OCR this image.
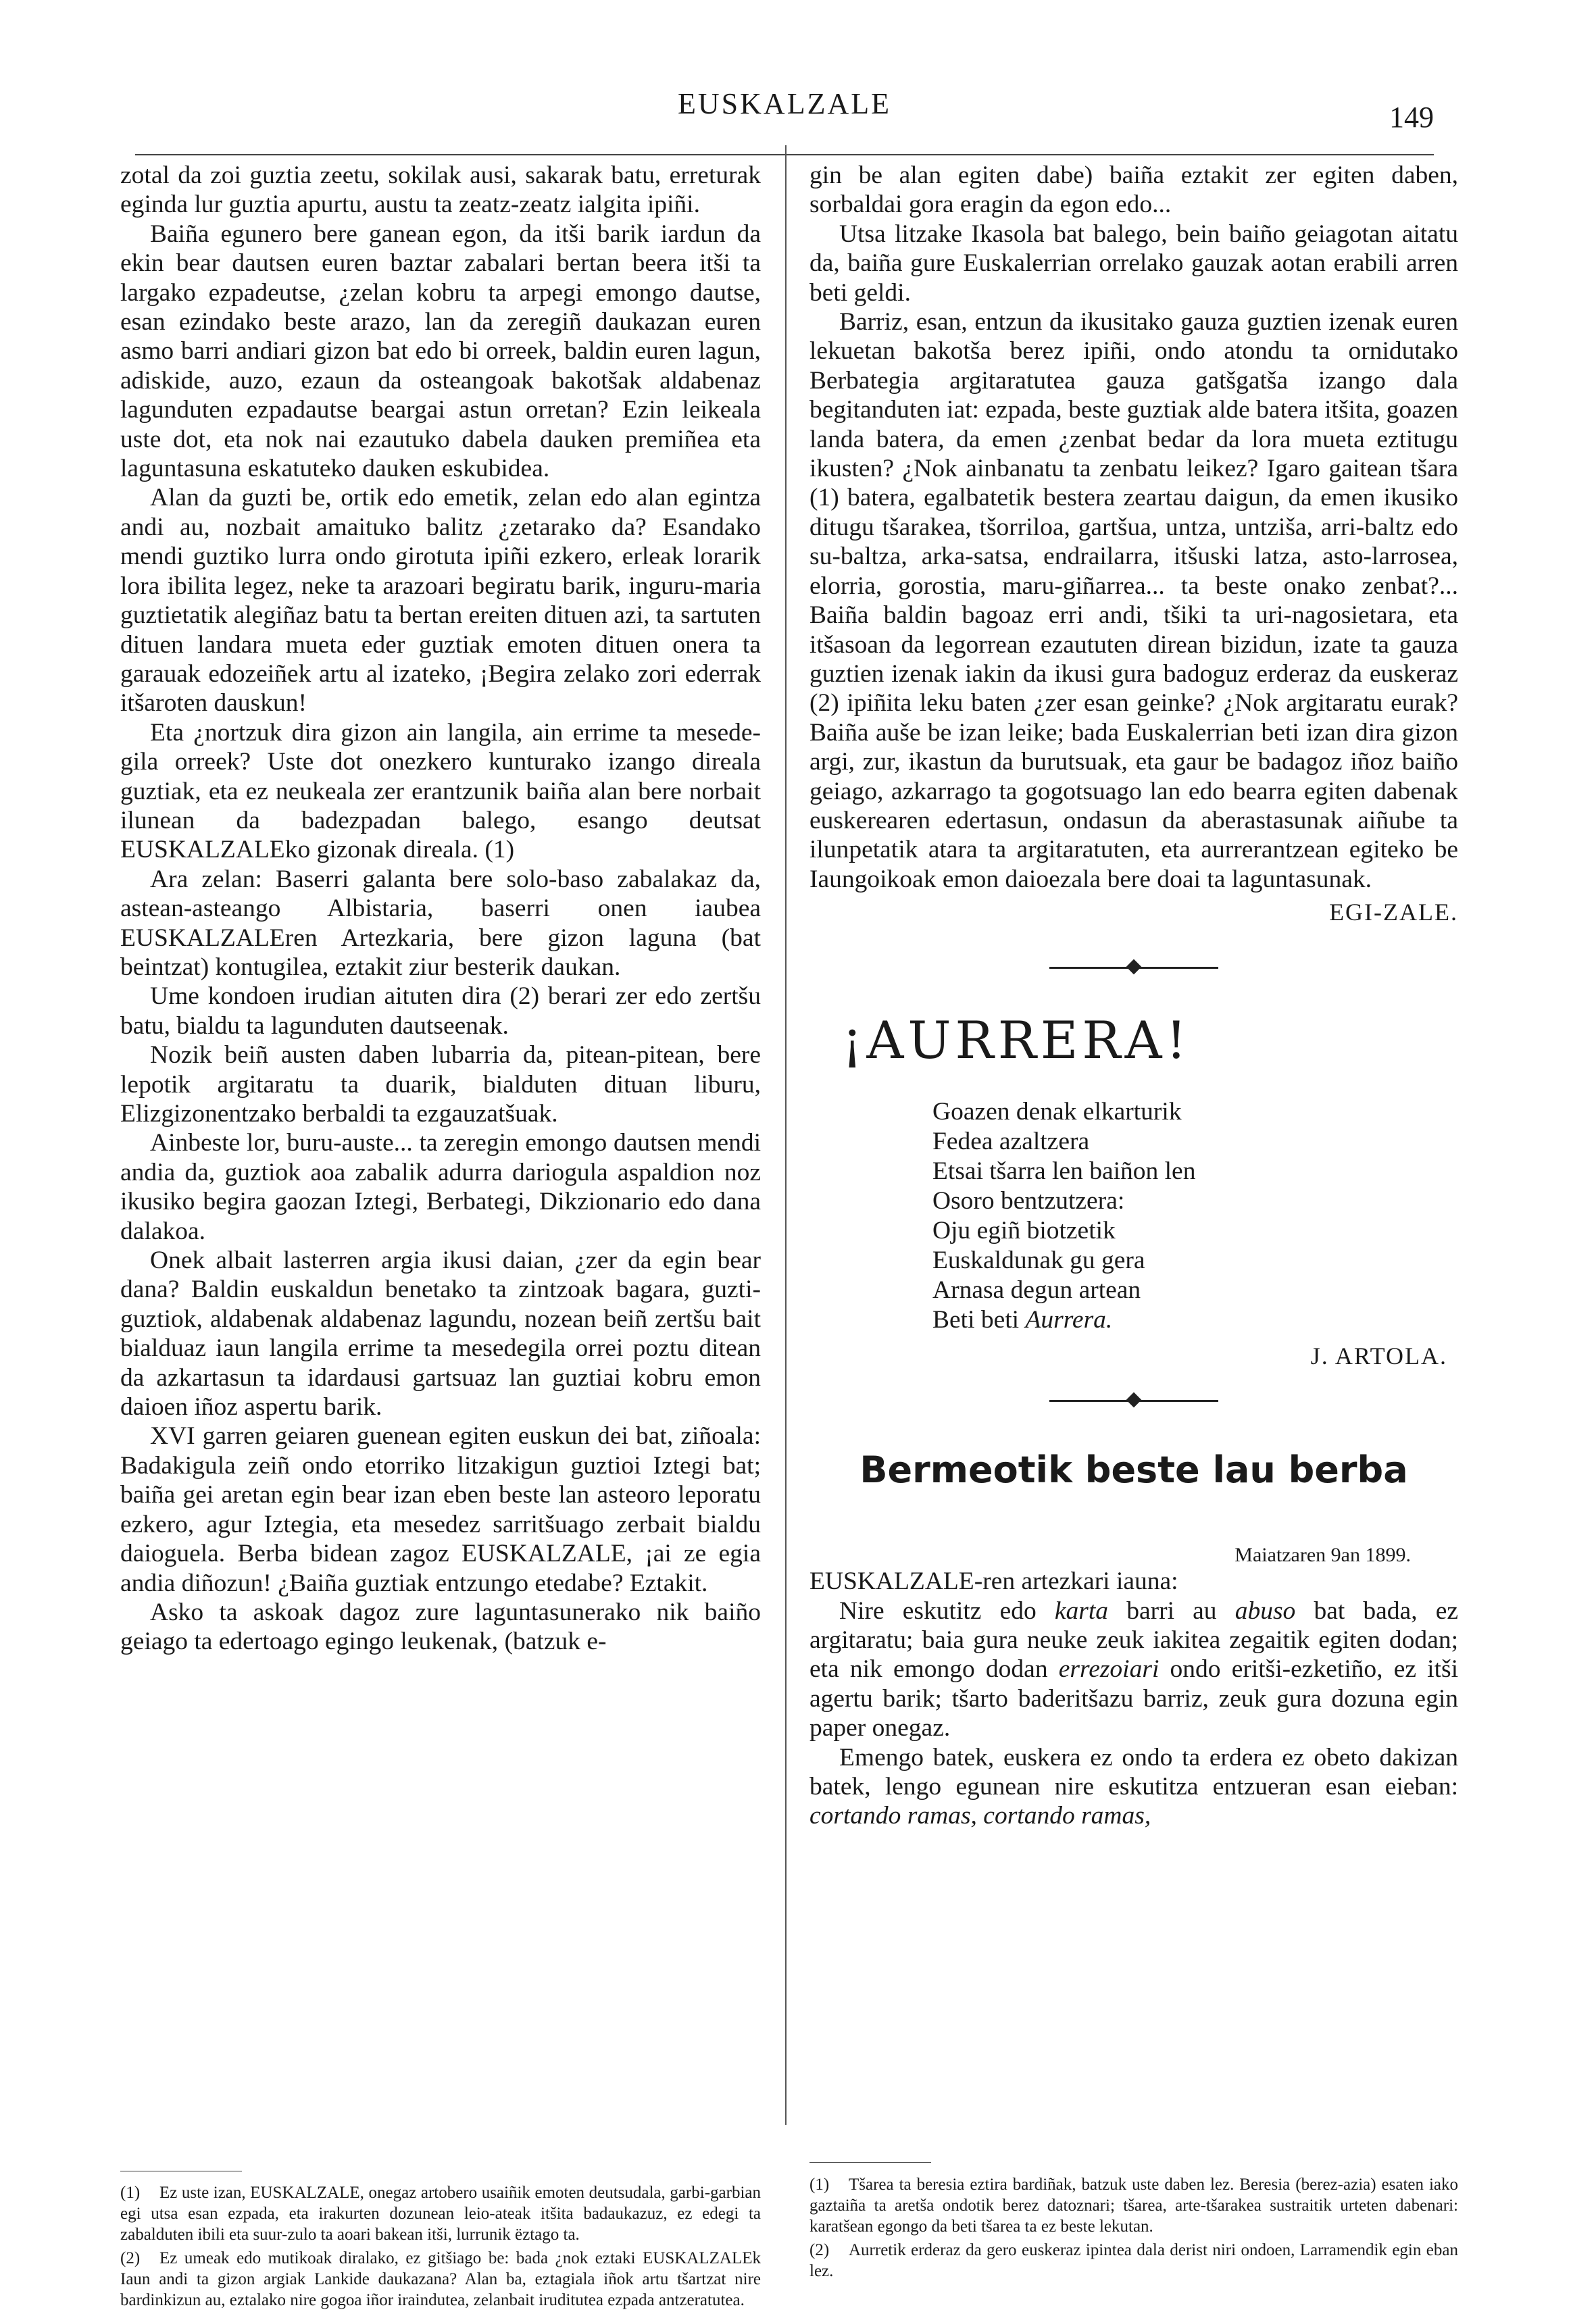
EUSKALZALE	149

zotal da zoi guztia zeetu, sokilak ausi, sakarak batu, erreturak eginda lur guztia apurtu, austu ta zeatz-zeatz ialgita ipiñi.

Baiña egunero bere ganean egon, da itši barik iardun da ekin bear dautsen euren baztar zabalari bertan beera itši ta largako ezpadeutse, ¿zelan kobru ta arpegi emongo dautse, esan ezindako beste arazo, lan da zeregiñ daukazan euren asmo barri andiari gizon bat edo bi orreek, baldin euren lagun, adiskide, auzo, ezaun da osteangoak bakotšak aldabenaz lagunduten ezpadautse beargai astun orretan? Ezin leikeala uste dot, eta nok nai ezautuko dabela dauken premiñea eta laguntasuna eskatuteko dauken eskubidea.

Alan da guzti be, ortik edo emetik, zelan edo alan egintza andi au, nozbait amaituko balitz ¿zetarako da? Esandako mendi guztiko lurra ondo girotuta ipiñi ezkero, erleak lorarik lora ibilita legez, neke ta arazoari begiratu barik, inguru-maria guztietatik alegiñaz batu ta bertan ereiten dituen azi, ta sartuten dituen landara mueta eder guztiak emoten dituen onera ta garauak edozeiñek artu al izateko, ¡Begira zelako zori ederrak itšaroten dauskun!

Eta ¿nortzuk dira gizon ain langila, ain errime ta mesede-gila orreek? Uste dot onezkero kunturako izango direala guztiak, eta ez neukeala zer erantzunik baiña alan bere norbait ilunean da badezpadan balego, esango deutsat EUSKALZALEko gizonak direala. (1)

Ara zelan: Baserri galanta bere solo-baso zabalakaz da, astean-asteango Albistaria, baserri onen iaubea EUSKALZALEren Artezkaria, bere gizon laguna (bat beintzat) kontugilea, eztakit ziur besterik daukan.

Ume kondoen irudian aituten dira (2) berari zer edo zertšu batu, bialdu ta lagunduten dautseenak.

Nozik beiñ austen daben lubarria da, pitean-pitean, bere lepotik argitaratu ta duarik, bialduten dituan liburu, Elizgizonentzako berbaldi ta ezgauzatšuak.

Ainbeste lor, buru-auste... ta zeregin emongo dautsen mendi andia da, guztiok aoa zabalik adurra dariogula aspaldion noz ikusiko begira gaozan Iztegi, Berbategi, Dikzionario edo dana dalakoa.

Onek albait lasterren argia ikusi daian, ¿zer da egin bear dana? Baldin euskaldun benetako ta zintzoak bagara, guzti-guztiok, aldabenak aldabenaz lagundu, nozean beiñ zertšu bait bialduaz iaun langila errime ta mesedegila orrei poztu ditean da azkartasun ta idardausi gartsuaz lan guztiai kobru emon daioen iñoz aspertu barik.

XVI garren geiaren guenean egiten euskun dei bat, ziñoala: Badakigula zeiñ ondo etorriko litzakigun guztioi Iztegi bat; baiña gei aretan egin bear izan eben beste lan asteoro leporatu ezkero, agur Iztegia, eta mesedez sarritšuago zerbait bialdu daioguela. Berba bidean zagoz EUSKALZALE, ¡ai ze egia andia diñozun! ¿Baiña guztiak entzungo etedabe? Eztakit.

Asko ta askoak dagoz zure laguntasunerako nik baiño geiago ta edertoago egingo leukenak, (batzuk e-

(1) Ez uste izan, EUSKALZALE, onegaz artobero usaiñik emoten deutsudala, garbi-garbian egi utsa esan ezpada, eta irakurten dozunean leio-ateak itšita badaukazuz, ez edegi ta zabalduten ibili eta suur-zulo ta aoari bakean itši, lurrunik ëztago ta.

(2) Ez umeak edo mutikoak diralako, ez gitšiago be: bada ¿nok eztaki EUSKALZALEk Iaun andi ta gizon argiak Lankide daukazana? Alan ba, eztagiala iñok artu tšartzat nire bardinkizun au, eztalako nire gogoa iñor iraindutea, zelanbait iruditutea ezpada antzeratutea.

gin be alan egiten dabe) baiña eztakit zer egiten daben, sorbaldai gora eragin da egon edo...

Utsa litzake Ikasola bat balego, bein baiño geiagotan aitatu da, baiña gure Euskalerrian orrelako gauzak aotan erabili arren beti geldi.

Barriz, esan, entzun da ikusitako gauza guztien izenak euren lekuetan bakotša berez ipiñi, ondo atondu ta ornidutako Berbategia argitaratutea gauza gatšgatša izango dala begitanduten iat: ezpada, beste guztiak alde batera itšita, goazen landa batera, da emen ¿zenbat bedar da lora mueta eztitugu ikusten? ¿Nok ainbanatu ta zenbatu leikez? Igaro gaitean tšara (1) batera, egalbatetik bestera zeartau daigun, da emen ikusiko ditugu tšarakea, tšorriloa, gartšua, untza, untziša, arri-baltz edo su-baltza, arka-satsa, endrailarra, itšuski latza, asto-larrosea, elorria, gorostia, maru-giñarrea... ta beste onako zenbat?... Baiña baldin bagoaz erri andi, tšiki ta uri-nagosietara, eta itšasoan da legorrean ezaututen direan bizidun, izate ta gauza guztien izenak iakin da ikusi gura badoguz erderaz da euskeraz (2) ipiñita leku baten ¿zer esan geinke? ¿Nok argitaratu eurak? Baiña auše be izan leike; bada Euskalerrian beti izan dira gizon argi, zur, ikastun da burutsuak, eta gaur be badagoz iñoz baiño geiago, azkarrago ta gogotsuago lan edo bearra egiten dabenak euskerearen edertasun, ondasun da aberastasunak aiñube ta ilunpetatik atara ta argitaratuten, eta aurrerantzean egiteko be Iaungoikoak emon daioezala bere doai ta laguntasunak.

EGI-ZALE.
¡AURRERA!
Goazen denak elkarturik
Fedea azaltzera
Etsai tšarra len baiñon len
Osoro bentzutzera:
Oju egiñ biotzetik
Euskaldunak gu gera
Arnasa degun artean
Beti beti Aurrera.
J. ARTOLA.
Bermeotik beste lau berba
Maiatzaren 9an 1899.

EUSKALZALE-ren artezkari iauna:

Nire eskutitz edo karta barri au abuso bat bada, ez argitaratu; baia gura neuke zeuk iakitea zegaitik egiten dodan; eta nik emongo dodan errezoiari ondo eritši-ezketiño, ez itši agertu barik; tšarto baderitšazu barriz, zeuk gura dozuna egin paper onegaz.

Emengo batek, euskera ez ondo ta erdera ez obeto dakizan batek, lengo egunean nire eskutitza entzueran esan eieban: cortando ramas, cortando ramas,

(1) Tšarea ta beresia eztira bardiñak, batzuk uste daben lez. Beresia (berez-azia) esaten iako gaztaiña ta aretša ondotik berez datoznari; tšarea, arte-tšarakea sustraitik urteten dabenari: karatšean egongo da beti tšarea ta ez beste lekutan.

(2) Aurretik erderaz da gero euskeraz ipintea dala derist niri ondoen, Larramendik egin eban lez.
